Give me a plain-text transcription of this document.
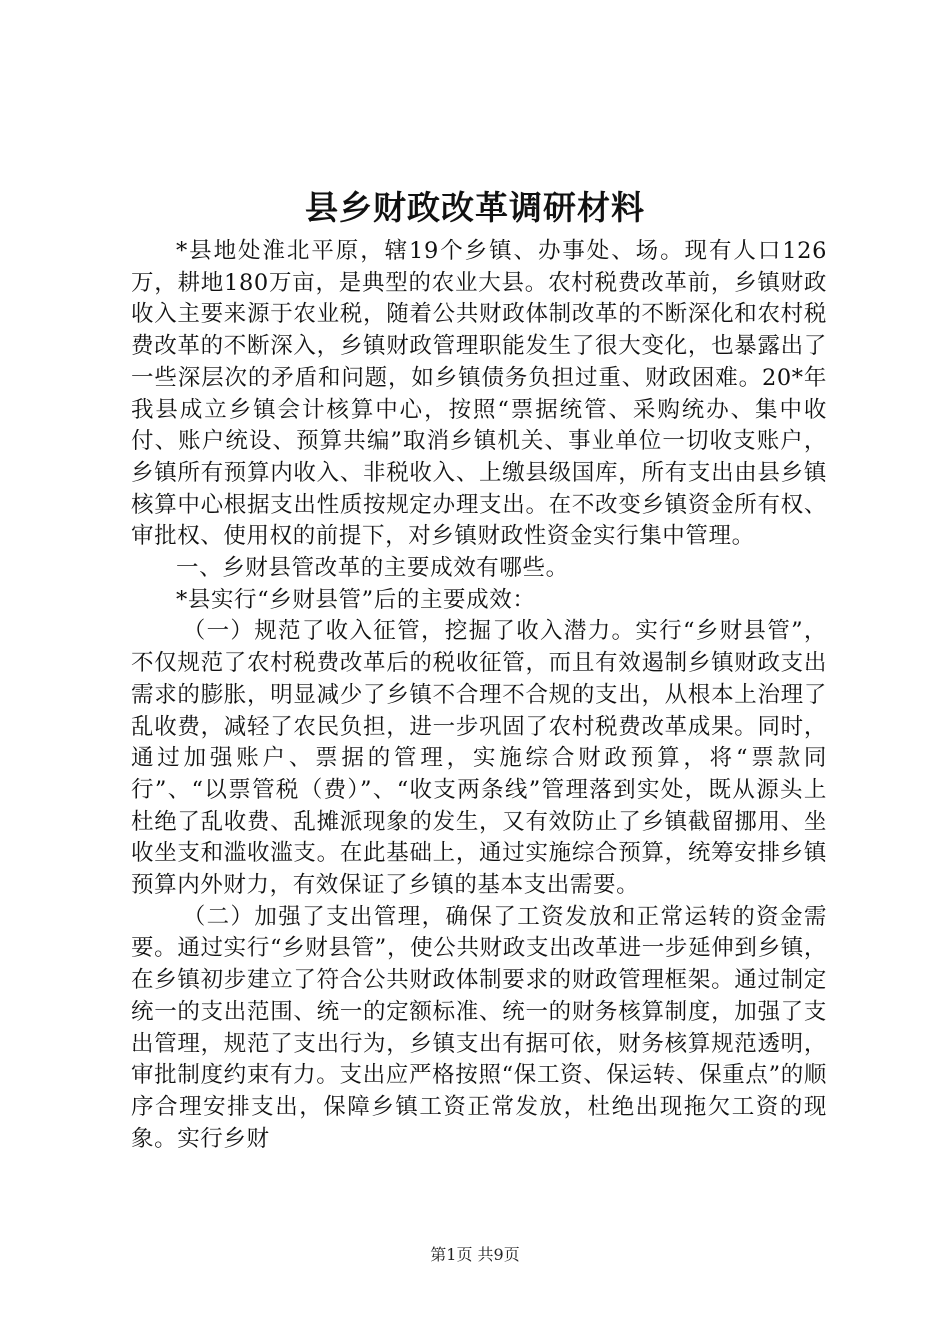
县乡财政改革调研材料

*县地处淮北平原，辖19个乡镇、办事处、场。现有人口126万，耕地180万亩，是典型的农业大县。农村税费改革前，乡镇财政收入主要来源于农业税，随着公共财政体制改革的不断深化和农村税费改革的不断深入，乡镇财政管理职能发生了很大变化，也暴露出了一些深层次的矛盾和问题，如乡镇债务负担过重、财政困难。20*年我县成立乡镇会计核算中心，按照“票据统管、采购统办、集中收付、账户统设、预算共编”取消乡镇机关、事业单位一切收支账户，乡镇所有预算内收入、非税收入、上缴县级国库，所有支出由县乡镇核算中心根据支出性质按规定办理支出。在不改变乡镇资金所有权、审批权、使用权的前提下，对乡镇财政性资金实行集中管理。

一、乡财县管改革的主要成效有哪些。

*县实行“乡财县管”后的主要成效：

（一）规范了收入征管，挖掘了收入潜力。实行“乡财县管”，不仅规范了农村税费改革后的税收征管，而且有效遏制乡镇财政支出需求的膨胀，明显减少了乡镇不合理不合规的支出，从根本上治理了乱收费，减轻了农民负担，进一步巩固了农村税费改革成果。同时，通过加强账户、票据的管理，实施综合财政预算，将“票款同行”、“以票管税（费）”、“收支两条线”管理落到实处，既从源头上杜绝了乱收费、乱摊派现象的发生，又有效防止了乡镇截留挪用、坐收坐支和滥收滥支。在此基础上，通过实施综合预算，统筹安排乡镇预算内外财力，有效保证了乡镇的基本支出需要。

（二）加强了支出管理，确保了工资发放和正常运转的资金需要。通过实行“乡财县管”，使公共财政支出改革进一步延伸到乡镇，在乡镇初步建立了符合公共财政体制要求的财政管理框架。通过制定统一的支出范围、统一的定额标准、统一的财务核算制度，加强了支出管理，规范了支出行为，乡镇支出有据可依，财务核算规范透明，审批制度约束有力。支出应严格按照“保工资、保运转、保重点”的顺序合理安排支出，保障乡镇工资正常发放，杜绝出现拖欠工资的现象。实行乡财

第1页 共9页
